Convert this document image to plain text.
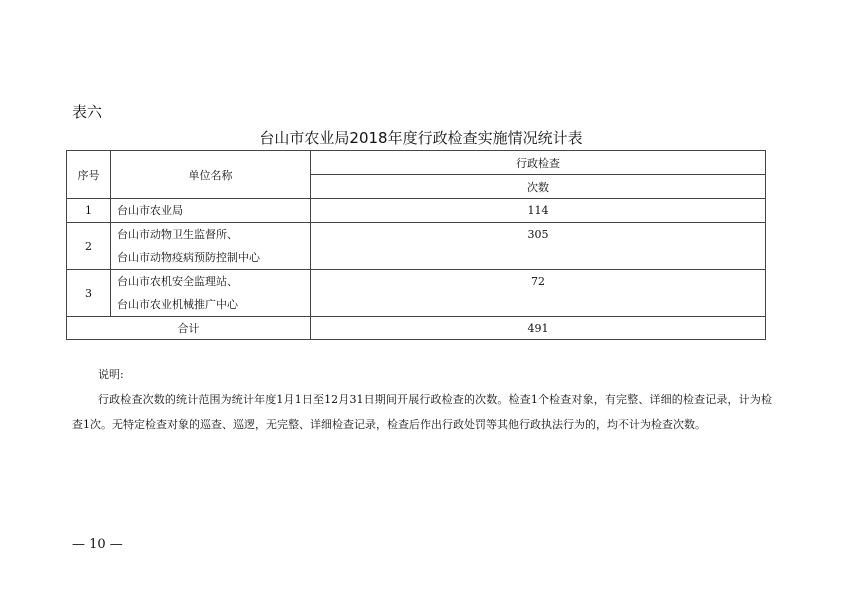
表六
台山市农业局2018年度行政检查实施情况统计表
序号	单位名称	行政检查
		次数
1	台山市农业局	114
2	台山市动物卫生监督所、
台山市动物疫病预防控制中心	305
3	台山市农机安全监理站、
台山市农业机械推广中心	72
合计		491
说明:
行政检查次数的统计范围为统计年度1月1日至12月31日期间开展行政检查的次数。检查1个检查对象，有完整、详细的检查记录，计为检查1次。无特定检查对象的巡查、巡逻，无完整、详细检查记录，检查后作出行政处罚等其他行政执法行为的，均不计为检查次数。
— 10 —
